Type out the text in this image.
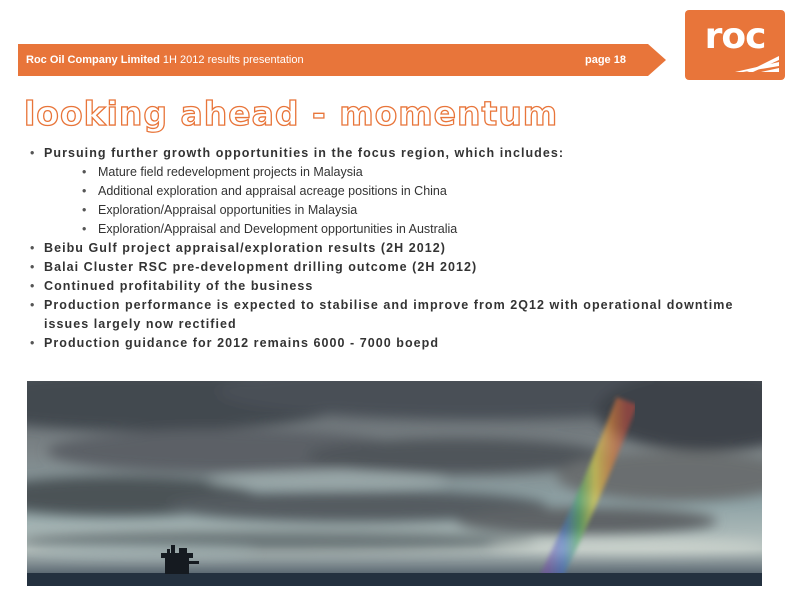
Roc Oil Company Limited 1H 2012 results presentation	page 18
roc
looking ahead - momentum
• Pursuing further growth opportunities in the focus region, which includes:
• Mature field redevelopment projects in Malaysia
• Additional exploration and appraisal acreage positions in China
• Exploration/Appraisal opportunities in Malaysia
• Exploration/Appraisal and Development opportunities in Australia
• Beibu Gulf project appraisal/exploration results (2H 2012)
• Balai Cluster RSC pre-development drilling outcome (2H 2012)
• Continued profitability of the business
• Production performance is expected to stabilise and improve from 2Q12 with operational downtime issues largely now rectified
• Production guidance for 2012 remains 6000 - 7000 boepd
